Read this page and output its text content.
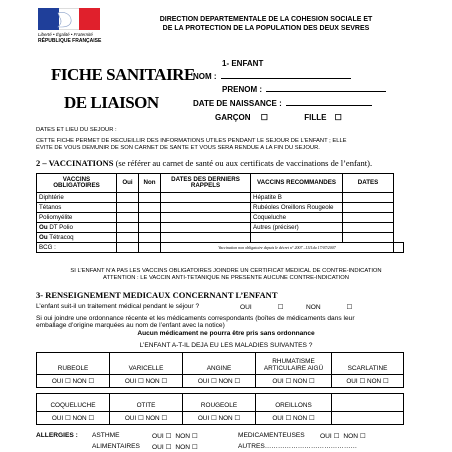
Liberté • Égalité • Fraternité
RÉPUBLIQUE FRANÇAISE
DIRECTION DEPARTEMENTALE DE LA COHESION SOCIALE ET
DE LA PROTECTION DE LA POPULATION DES DEUX SEVRES
FICHE SANITAIRE
DE LIAISON
1- ENFANT
NOM :
PRENOM :
DATE DE NAISSANCE :
GARÇON ☐	FILLE ☐
DATES ET LIEU DU SEJOUR :
CETTE FICHE PERMET DE RECUEILLIR DES INFORMATIONS UTILES PENDANT LE SEJOUR DE L'ENFANT ; ELLE
ÉVITE DE VOUS DEMUNIR DE SON CARNET DE SANTE ET VOUS SERA RENDUE A LA FIN DU SEJOUR.
2 – VACCINATIONS (se référer au carnet de santé ou aux certificats de vaccinations de l’enfant).
VACCINS OBLIGATOIRES	Oui	Non	DATES DES DERNIERS RAPPELS	VACCINS RECOMMANDES	DATES	
Diphtérie				Hépatite B		
Tétanos				Rubéoles Oreillons Rougeole		
Poliomyélite				Coqueluche		
Ou DT Polio				Autres (préciser)		
Ou Tétracoq						
BCG :			Vaccination non obligatoire depuis le décret n° 2007 –1111du 17/07/2007			
SI L’ENFANT N’A PAS LES VACCINS OBLIGATOIRES JOINDRE UN CERTIFICAT MEDICAL DE CONTRE-INDICATION
ATTENTION : LE VACCIN ANTI-TETANIQUE NE PRESENTE AUCUNE CONTRE-INDICATION
3- RENSEIGNEMENT MEDICAUX CONCERNANT L’ENFANT
L’enfant suit-il un traitement médical pendant le séjour ?	OUI	☐	NON	☐
Si oui joindre une ordonnance récente et les médicaments correspondants (boîtes de médicaments dans leur
emballage d’origine marquées au nom de l’enfant avec la notice)
Aucun médicament ne pourra être pris sans ordonnance
L’ENFANT A-T-IL DEJA EU LES MALADIES SUIVANTES ?
RUBEOLE	VARICELLE	ANGINE	RHUMATISME ARTICULAIRE AIGÜ	SCARLATINE
OUI ☐ NON ☐	OUI ☐ NON ☐	OUI ☐ NON ☐	OUI ☐ NON ☐	OUI ☐ NON ☐

COQUELUCHE	OTITE	ROUGEOLE	OREILLONS	
OUI ☐ NON ☐	OUI ☐ NON ☐	OUI ☐ NON ☐	OUI ☐ NON ☐	
ALLERGIES : ASTHME	OUI ☐ NON ☐	MEDICAMENTEUSES OUI ☐ NON ☐
ALIMENTAIRES OUI ☐ NON ☐	AUTRES……………………………………
